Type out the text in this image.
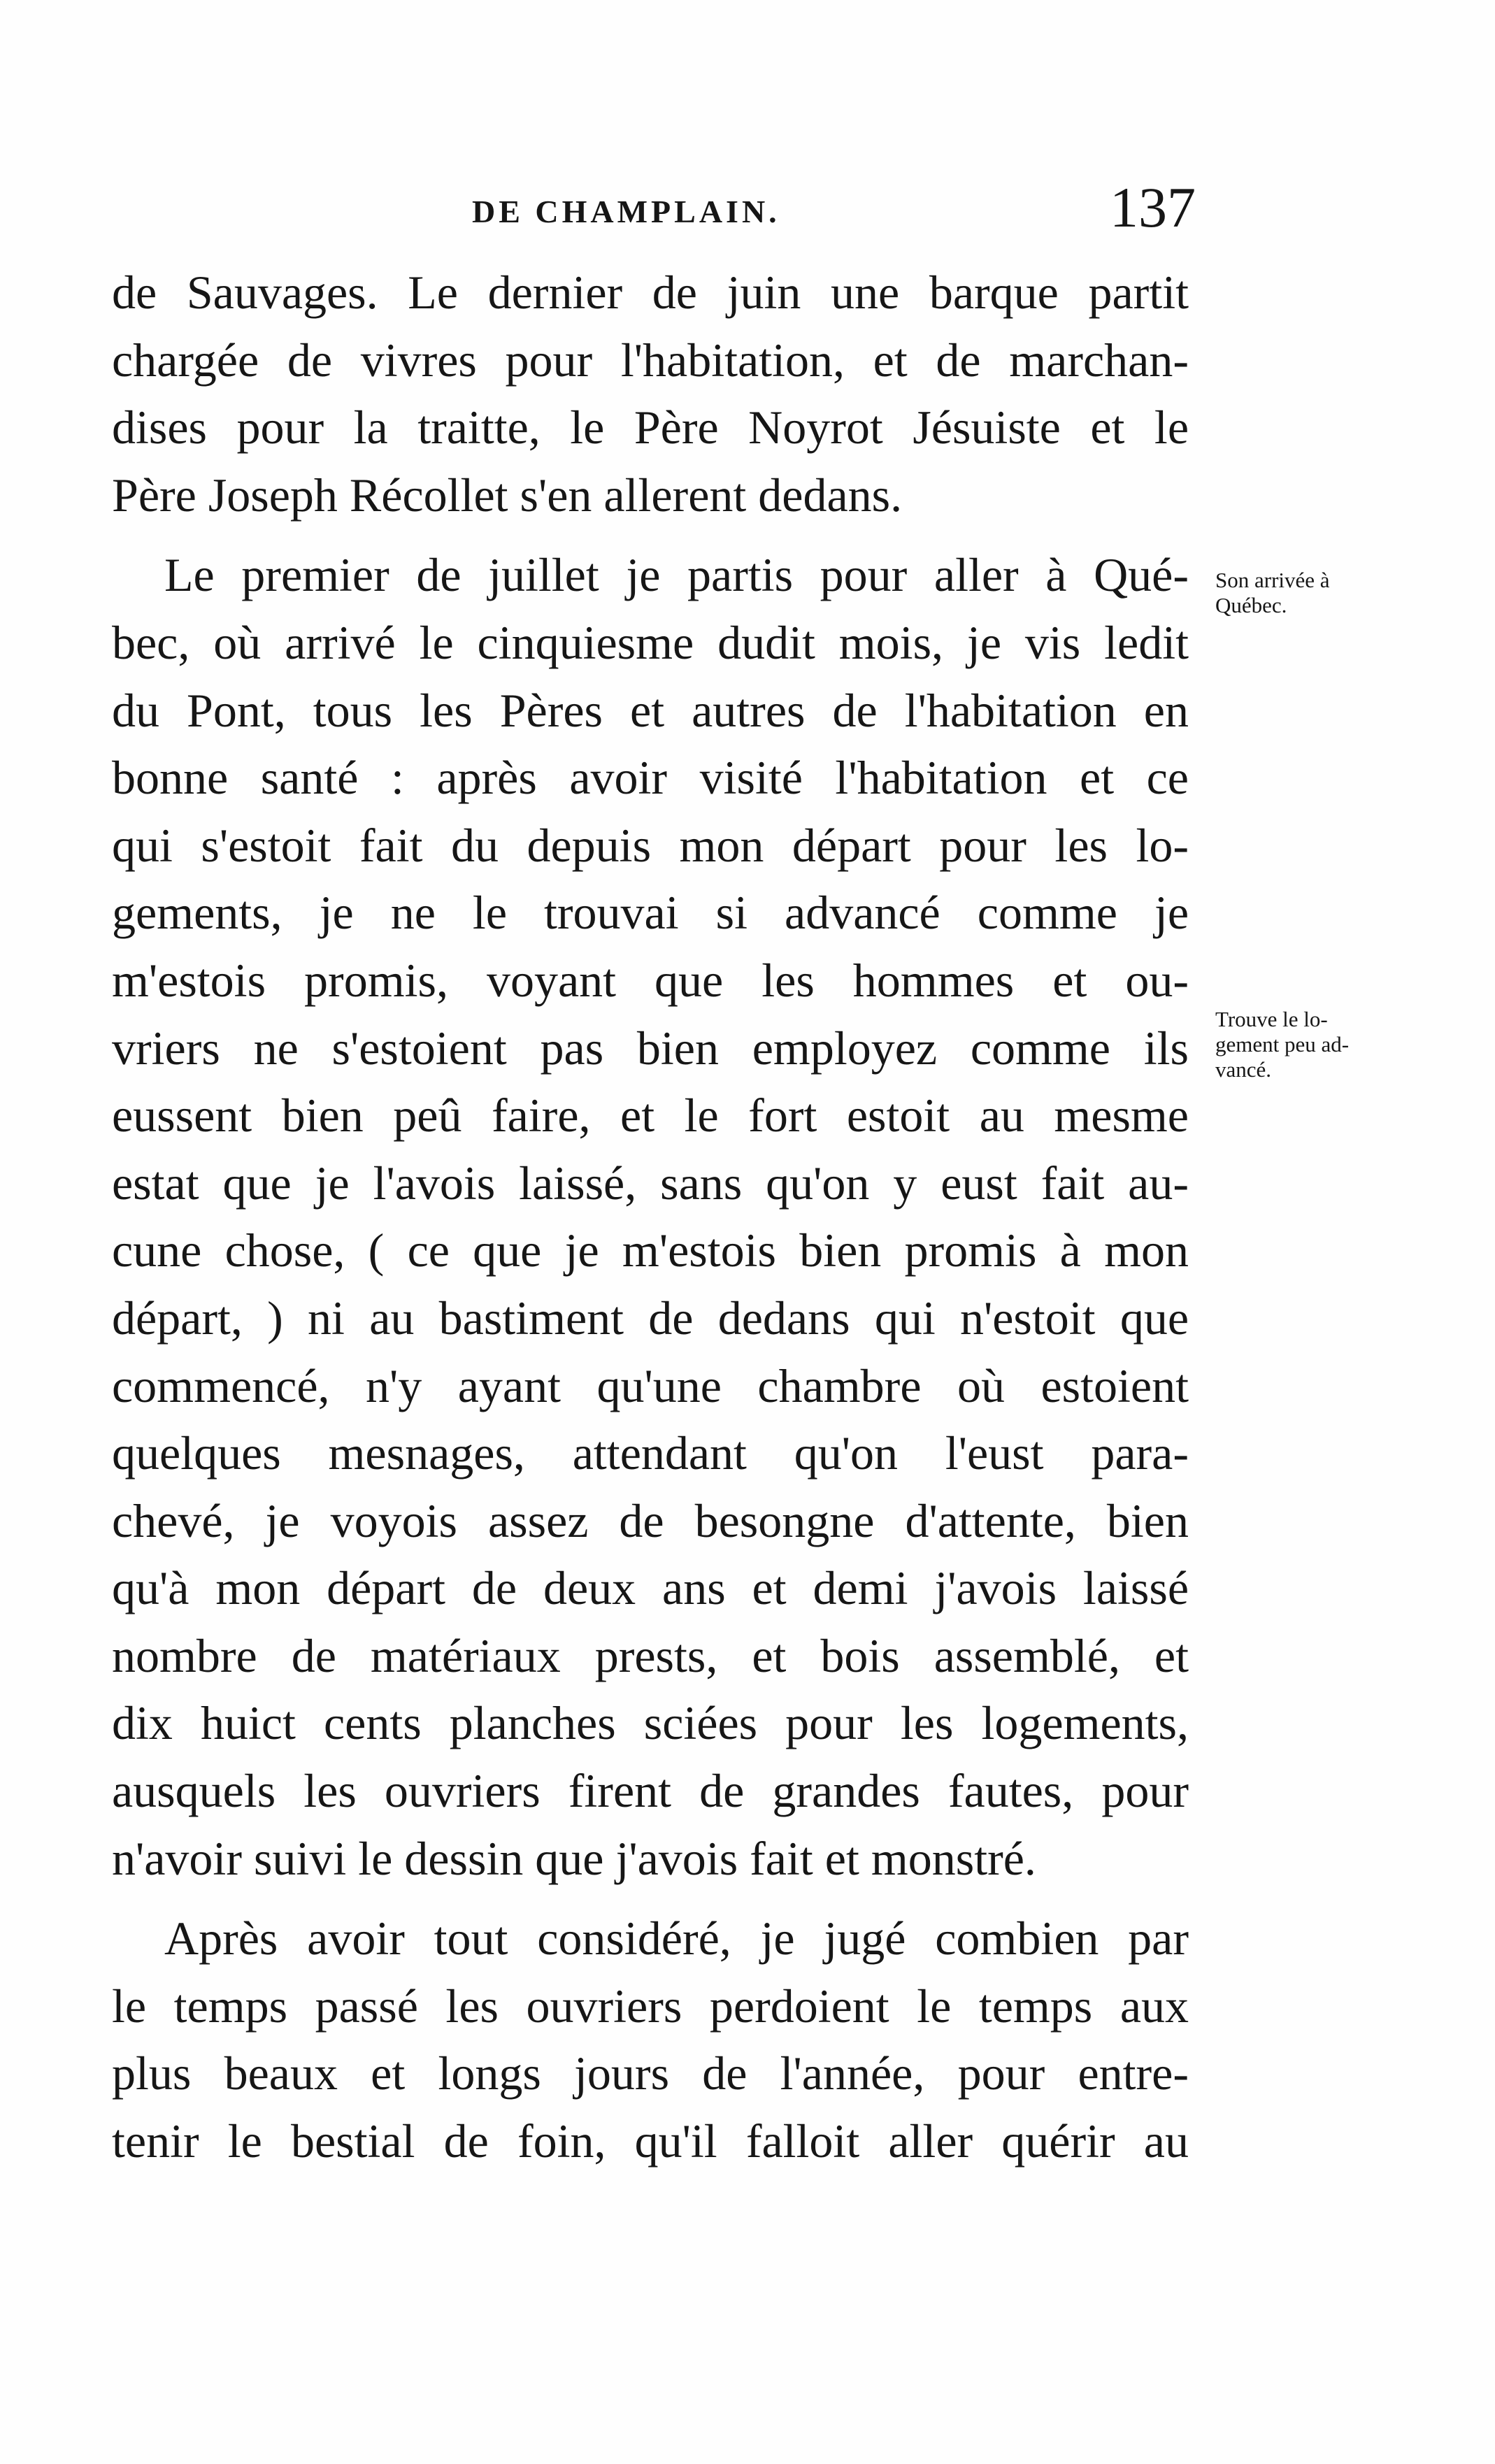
DE CHAMPLAIN.	137
de Sauvages. Le dernier de juin une barque partit
chargée de vivres pour l'habitation, et de marchan-
dises pour la traitte, le Père Noyrot Jésuiste et le
Père Joseph Récollet s'en allerent dedans.
Le premier de juillet je partis pour aller à Qué-
bec, où arrivé le cinquiesme dudit mois, je vis ledit
du Pont, tous les Pères et autres de l'habitation en
bonne santé : après avoir visité l'habitation et ce
qui s'estoit fait du depuis mon départ pour les lo-
gements, je ne le trouvai si advancé comme je
m'estois promis, voyant que les hommes et ou-
vriers ne s'estoient pas bien employez comme ils
eussent bien peû faire, et le fort estoit au mesme
estat que je l'avois laissé, sans qu'on y eust fait au-
cune chose, ( ce que je m'estois bien promis à mon
départ, ) ni au bastiment de dedans qui n'estoit que
commencé, n'y ayant qu'une chambre où estoient
quelques mesnages, attendant qu'on l'eust para-
chevé, je voyois assez de besongne d'attente, bien
qu'à mon départ de deux ans et demi j'avois laissé
nombre de matériaux prests, et bois assemblé, et
dix huict cents planches sciées pour les logements,
ausquels les ouvriers firent de grandes fautes, pour
n'avoir suivi le dessin que j'avois fait et monstré.
Après avoir tout considéré, je jugé combien par
le temps passé les ouvriers perdoient le temps aux
plus beaux et longs jours de l'année, pour entre-
tenir le bestial de foin, qu'il falloit aller quérir au
Son arrivée à
Québec.
Trouve le lo-
gement peu ad-
vancé.
